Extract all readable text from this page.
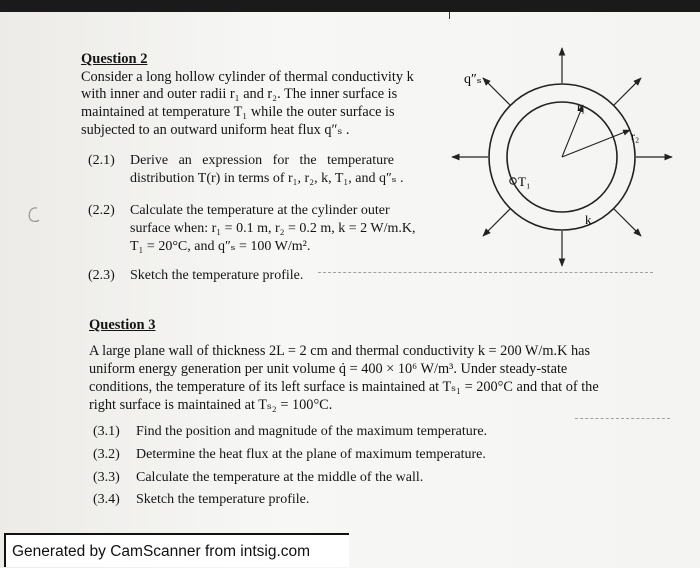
Question 2
Consider a long hollow cylinder of thermal conductivity k
with inner and outer radii r₁ and r₂. The inner surface is
maintained at temperature T₁ while the outer surface is
subjected to an outward uniform heat flux q″ₛ .
(2.1) Derive an expression for the temperature
distribution T(r) in terms of r₁, r₂, k, T₁, and q″ₛ .
(2.2) Calculate the temperature at the cylinder outer
surface when: r₁ = 0.1 m, r₂ = 0.2 m, k = 2 W/m.K,
T₁ = 20°C, and q″ₛ = 100 W/m².
(2.3) Sketch the temperature profile.
q″ₛ
r₁
r₂
T₁
k
Question 3
A large plane wall of thickness 2L = 2 cm and thermal conductivity k = 200 W/m.K has
uniform energy generation per unit volume q̇ = 400 × 10⁶ W/m³. Under steady-state
conditions, the temperature of its left surface is maintained at Tₛ₁ = 200°C and that of the
right surface is maintained at Tₛ₂ = 100°C.
(3.1) Find the position and magnitude of the maximum temperature.
(3.2) Determine the heat flux at the plane of maximum temperature.
(3.3) Calculate the temperature at the middle of the wall.
(3.4) Sketch the temperature profile.
Generated by CamScanner from intsig.com
